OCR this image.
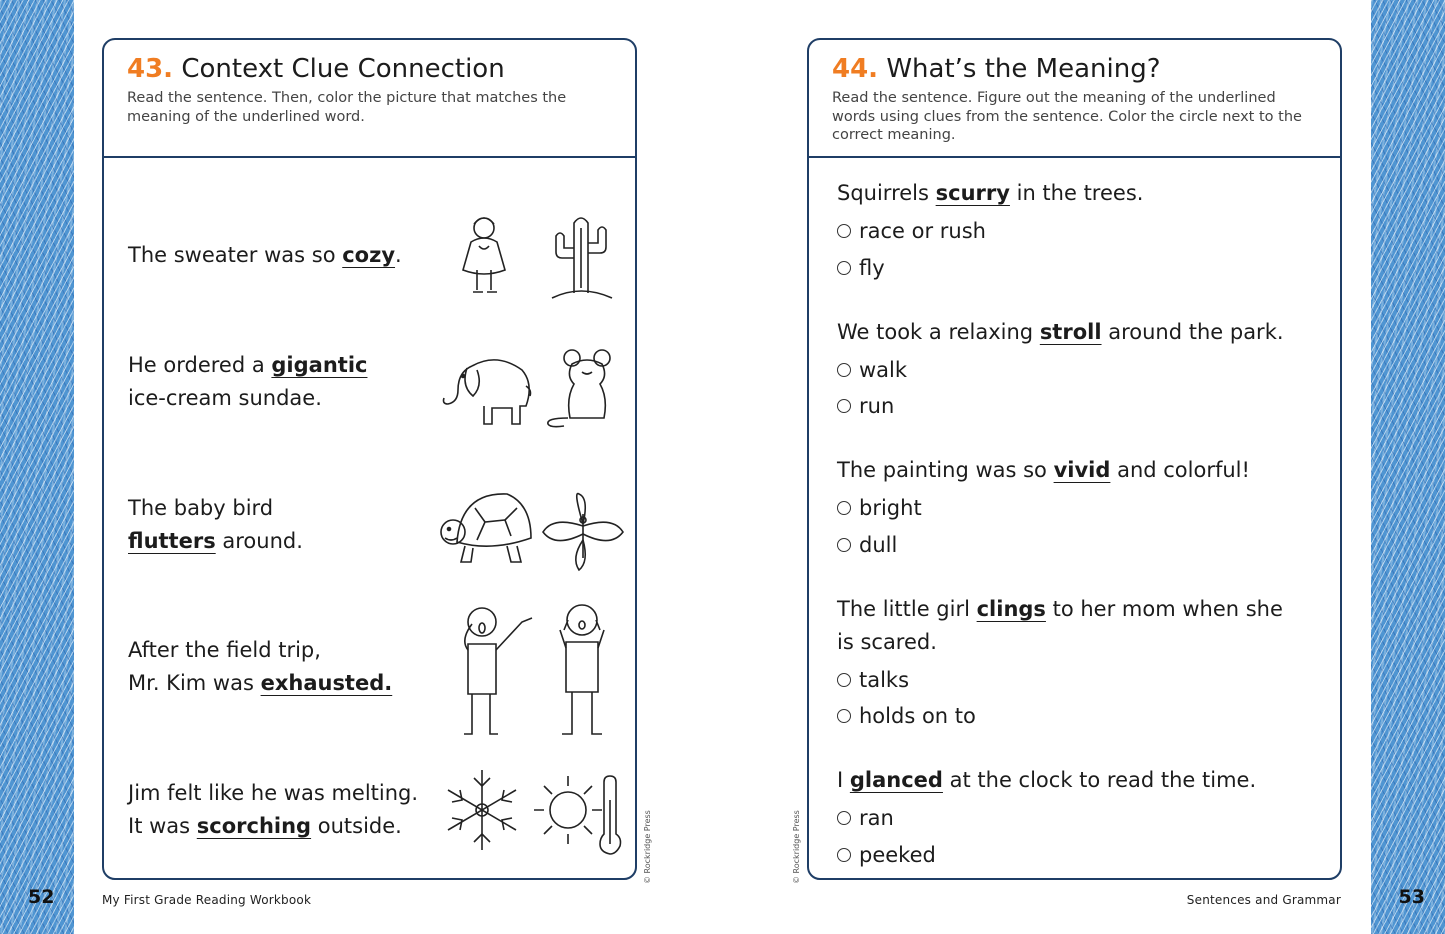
43. Context Clue Connection
Read the sentence. Then, color the picture that matches the meaning of the underlined word.
The sweater was so cozy.
He ordered a gigantic
ice-cream sundae.
The baby bird
flutters around.
After the field trip,
Mr. Kim was exhausted.
Jim felt like he was melting.
It was scorching outside.
44. What’s the Meaning?
Read the sentence. Figure out the meaning of the underlined words using clues from the sentence. Color the circle next to the correct meaning.
Squirrels scurry in the trees.
race or rush
fly
We took a relaxing stroll around the park.
walk
run
The painting was so vivid and colorful!
bright
dull
The little girl clings to her mom when she
is scared.
talks
holds on to
I glanced at the clock to read the time.
ran
peeked
© Rockridge Press	© Rockridge Press
52	53
My First Grade Reading Workbook	Sentences and Grammar
